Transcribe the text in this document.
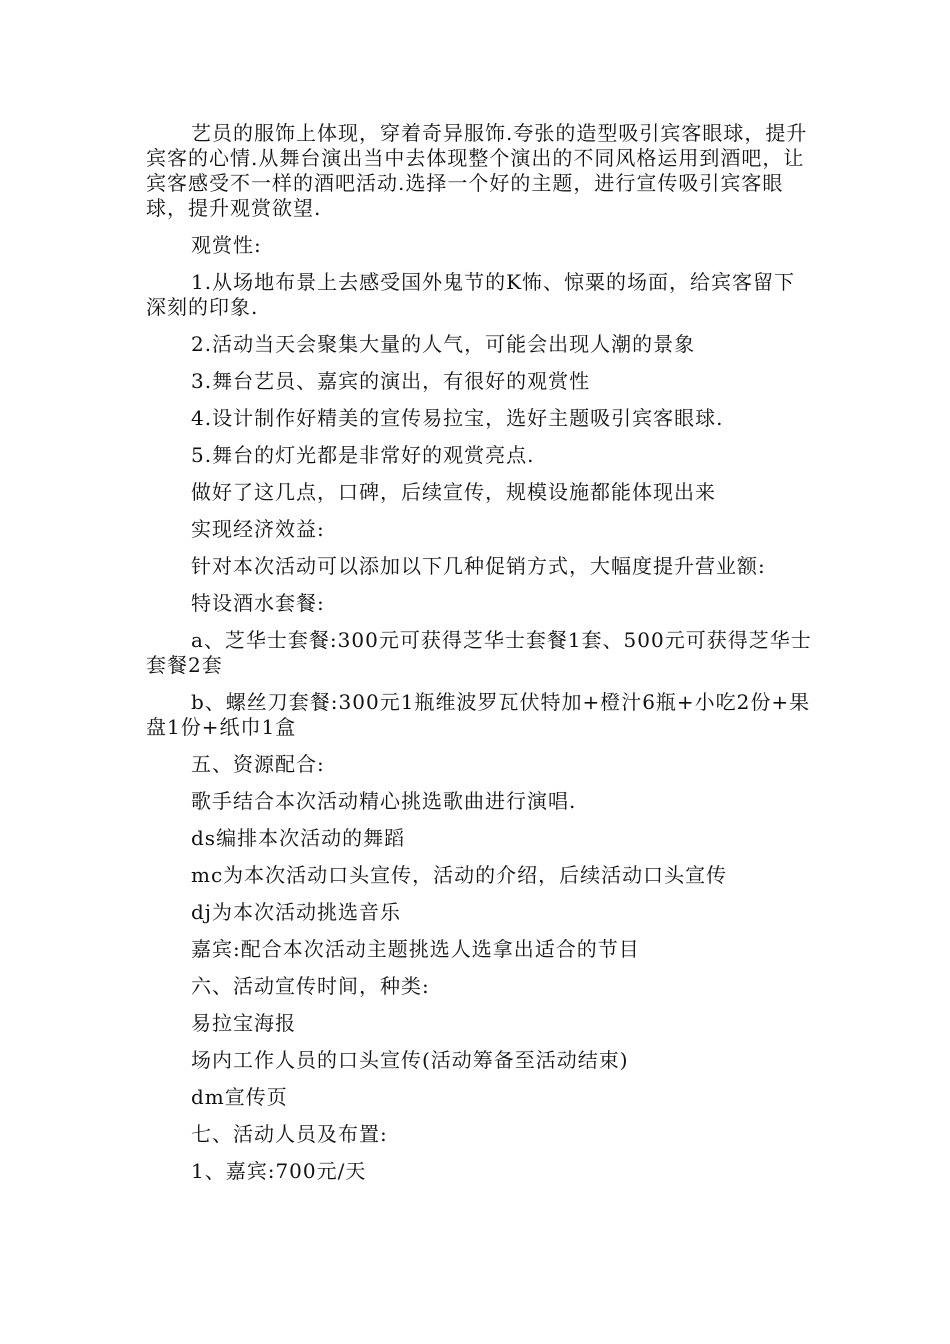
艺员的服饰上体现，穿着奇异服饰.夸张的造型吸引宾客眼球，提升宾客的心情.从舞台演出当中去体现整个演出的不同风格运用到酒吧，让宾客感受不一样的酒吧活动.选择一个好的主题，进行宣传吸引宾客眼球，提升观赏欲望.

观赏性:

1.从场地布景上去感受国外鬼节的K怖、惊粟的场面，给宾客留下深刻的印象.

2.活动当天会聚集大量的人气，可能会出现人潮的景象

3.舞台艺员、嘉宾的演出，有很好的观赏性

4.设计制作好精美的宣传易拉宝，选好主题吸引宾客眼球.

5.舞台的灯光都是非常好的观赏亮点.

做好了这几点，口碑，后续宣传，规模设施都能体现出来

实现经济效益:

针对本次活动可以添加以下几种促销方式，大幅度提升营业额:

特设酒水套餐:

a、芝华士套餐:300元可获得芝华士套餐1套、500元可获得芝华士套餐2套

b、螺丝刀套餐:300元1瓶维波罗瓦伏特加+橙汁6瓶+小吃2份+果盘1份+纸巾1盒

五、资源配合:

歌手结合本次活动精心挑选歌曲进行演唱.

ds编排本次活动的舞蹈

mc为本次活动口头宣传，活动的介绍，后续活动口头宣传

dj为本次活动挑选音乐

嘉宾:配合本次活动主题挑选人选拿出适合的节目

六、活动宣传时间，种类:

易拉宝海报

场内工作人员的口头宣传(活动筹备至活动结束)

dm宣传页

七、活动人员及布置:

1、嘉宾:700元/天
